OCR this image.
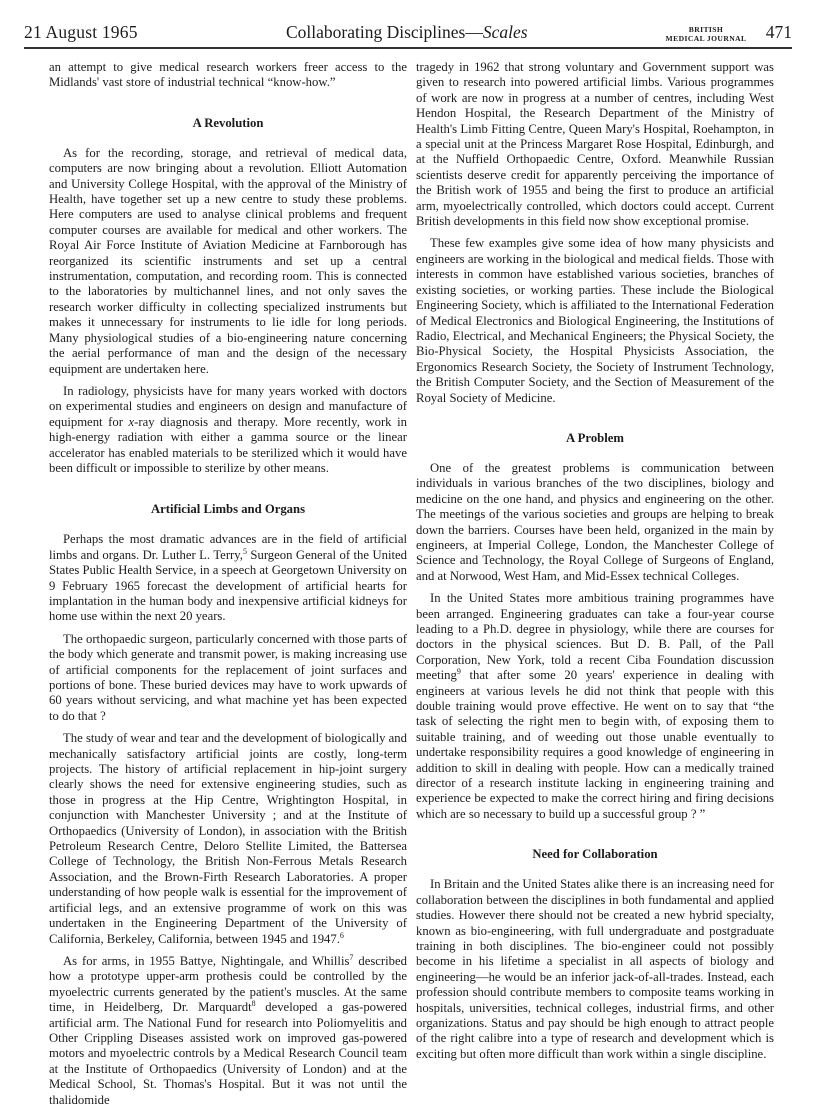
21 August 1965	Collaborating Disciplines—Scales	BRITISH
MEDICAL JOURNAL 471

an attempt to give medical research workers freer access to the Midlands' vast store of industrial technical “know-how.”

A Revolution

As for the recording, storage, and retrieval of medical data, computers are now bringing about a revolution. Elliott Automation and University College Hospital, with the approval of the Ministry of Health, have together set up a new centre to study these problems. Here computers are used to analyse clinical problems and frequent computer courses are available for medical and other workers. The Royal Air Force Institute of Aviation Medicine at Farnborough has reorganized its scientific instruments and set up a central instrumentation, computation, and recording room. This is connected to the laboratories by multichannel lines, and not only saves the research worker difficulty in collecting specialized instruments but makes it unnecessary for instruments to lie idle for long periods. Many physiological studies of a bio-engineering nature concerning the aerial performance of man and the design of the necessary equipment are undertaken here.

In radiology, physicists have for many years worked with doctors on experimental studies and engineers on design and manufacture of equipment for x-ray diagnosis and therapy. More recently, work in high-energy radiation with either a gamma source or the linear accelerator has enabled materials to be sterilized which it would have been difficult or impossible to sterilize by other means.

Artificial Limbs and Organs

Perhaps the most dramatic advances are in the field of artificial limbs and organs. Dr. Luther L. Terry,$^5$ Surgeon General of the United States Public Health Service, in a speech at Georgetown University on 9 February 1965 forecast the development of artificial hearts for implantation in the human body and inexpensive artificial kidneys for home use within the next 20 years.

The orthopaedic surgeon, particularly concerned with those parts of the body which generate and transmit power, is making increasing use of artificial components for the replacement of joint surfaces and portions of bone. These buried devices may have to work upwards of 60 years without servicing, and what machine yet has been expected to do that ?

The study of wear and tear and the development of biologically and mechanically satisfactory artificial joints are costly, long-term projects. The history of artificial replacement in hip-joint surgery clearly shows the need for extensive engineering studies, such as those in progress at the Hip Centre, Wrightington Hospital, in conjunction with Manchester University ; and at the Institute of Orthopaedics (University of London), in association with the British Petroleum Research Centre, Deloro Stellite Limited, the Battersea College of Technology, the British Non-Ferrous Metals Research Association, and the Brown-Firth Research Laboratories. A proper understanding of how people walk is essential for the improvement of artificial legs, and an extensive programme of work on this was undertaken in the Engineering Department of the University of California, Berkeley, California, between 1945 and 1947.$^6$

As for arms, in 1955 Battye, Nightingale, and Whillis$^7$ described how a prototype upper-arm prothesis could be controlled by the myoelectric currents generated by the patient's muscles. At the same time, in Heidelberg, Dr. Marquardt$^8$ developed a gas-powered artificial arm. The National Fund for research into Poliomyelitis and Other Crippling Diseases assisted work on improved gas-powered motors and myoelectric controls by a Medical Research Council team at the Institute of Orthopaedics (University of London) and at the Medical School, St. Thomas's Hospital. But it was not until the thalidomide

tragedy in 1962 that strong voluntary and Government support was given to research into powered artificial limbs. Various programmes of work are now in progress at a number of centres, including West Hendon Hospital, the Research Department of the Ministry of Health's Limb Fitting Centre, Queen Mary's Hospital, Roehampton, in a special unit at the Princess Margaret Rose Hospital, Edinburgh, and at the Nuffield Orthopaedic Centre, Oxford. Meanwhile Russian scientists deserve credit for apparently perceiving the importance of the British work of 1955 and being the first to produce an artificial arm, myoelectrically controlled, which doctors could accept. Current British developments in this field now show exceptional promise.

These few examples give some idea of how many physicists and engineers are working in the biological and medical fields. Those with interests in common have established various societies, branches of existing societies, or working parties. These include the Biological Engineering Society, which is affiliated to the International Federation of Medical Electronics and Biological Engineering, the Institutions of Radio, Electrical, and Mechanical Engineers; the Physical Society, the Bio-Physical Society, the Hospital Physicists Association, the Ergonomics Research Society, the Society of Instrument Technology, the British Computer Society, and the Section of Measurement of the Royal Society of Medicine.

A Problem

One of the greatest problems is communication between individuals in various branches of the two disciplines, biology and medicine on the one hand, and physics and engineering on the other. The meetings of the various societies and groups are helping to break down the barriers. Courses have been held, organized in the main by engineers, at Imperial College, London, the Manchester College of Science and Technology, the Royal College of Surgeons of England, and at Norwood, West Ham, and Mid-Essex technical Colleges.

In the United States more ambitious training programmes have been arranged. Engineering graduates can take a four-year course leading to a Ph.D. degree in physiology, while there are courses for doctors in the physical sciences. But D. B. Pall, of the Pall Corporation, New York, told a recent Ciba Foundation discussion meeting$^9$ that after some 20 years' experience in dealing with engineers at various levels he did not think that people with this double training would prove effective. He went on to say that “the task of selecting the right men to begin with, of exposing them to suitable training, and of weeding out those unable eventually to undertake responsibility requires a good knowledge of engineering in addition to skill in dealing with people. How can a medically trained director of a research institute lacking in engineering training and experience be expected to make the correct hiring and firing decisions which are so necessary to build up a successful group ? ”

Need for Collaboration

In Britain and the United States alike there is an increasing need for collaboration between the disciplines in both fundamental and applied studies. However there should not be created a new hybrid specialty, known as bio-engineering, with full undergraduate and postgraduate training in both disciplines. The bio-engineer could not possibly become in his lifetime a specialist in all aspects of biology and engineering—he would be an inferior jack-of-all-trades. Instead, each profession should contribute members to composite teams working in hospitals, universities, technical colleges, industrial firms, and other organizations. Status and pay should be high enough to attract people of the right calibre into a type of research and development which is exciting but often more difficult than work within a single discipline.
